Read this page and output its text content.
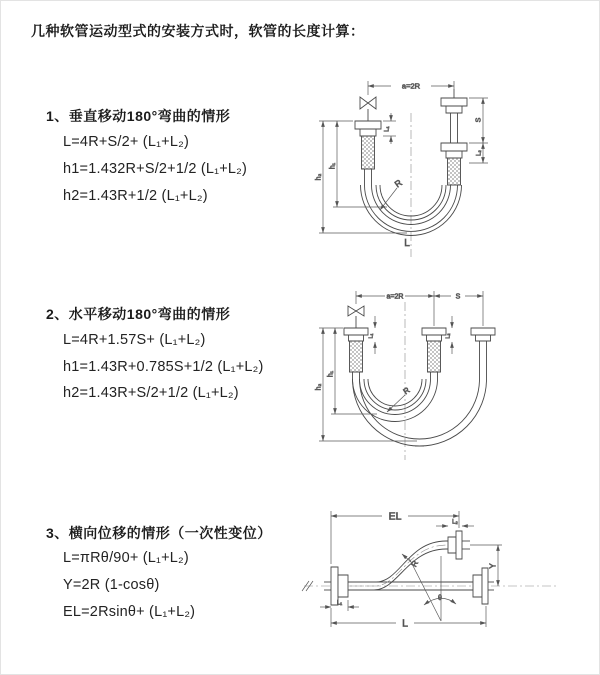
几种软管运动型式的安装方式时，软管的长度计算：
1、垂直移动180°弯曲的情形
L=4R+S/2+ (L₁+L₂)
h1=1.432R+S/2+1/2 (L₁+L₂)
h2=1.43R+1/2 (L₁+L₂)
a=2R
h₂
h₁
L₁
S
L₂
R
L
2、水平移动180°弯曲的情形
L=4R+1.57S+ (L₁+L₂)
h1=1.43R+0.785S+1/2 (L₁+L₂)
h2=1.43R+S/2+1/2 (L₁+L₂)
a=2R	S
h₂
h₁
L₁	L₂
R
3、横向位移的情形（一次性变位）
L=πRθ/90+ (L₁+L₂)
Y=2R (1-cosθ)
EL=2Rsinθ+ (L₁+L₂)
EL	L₂
Y
θ
R
L₁
L
